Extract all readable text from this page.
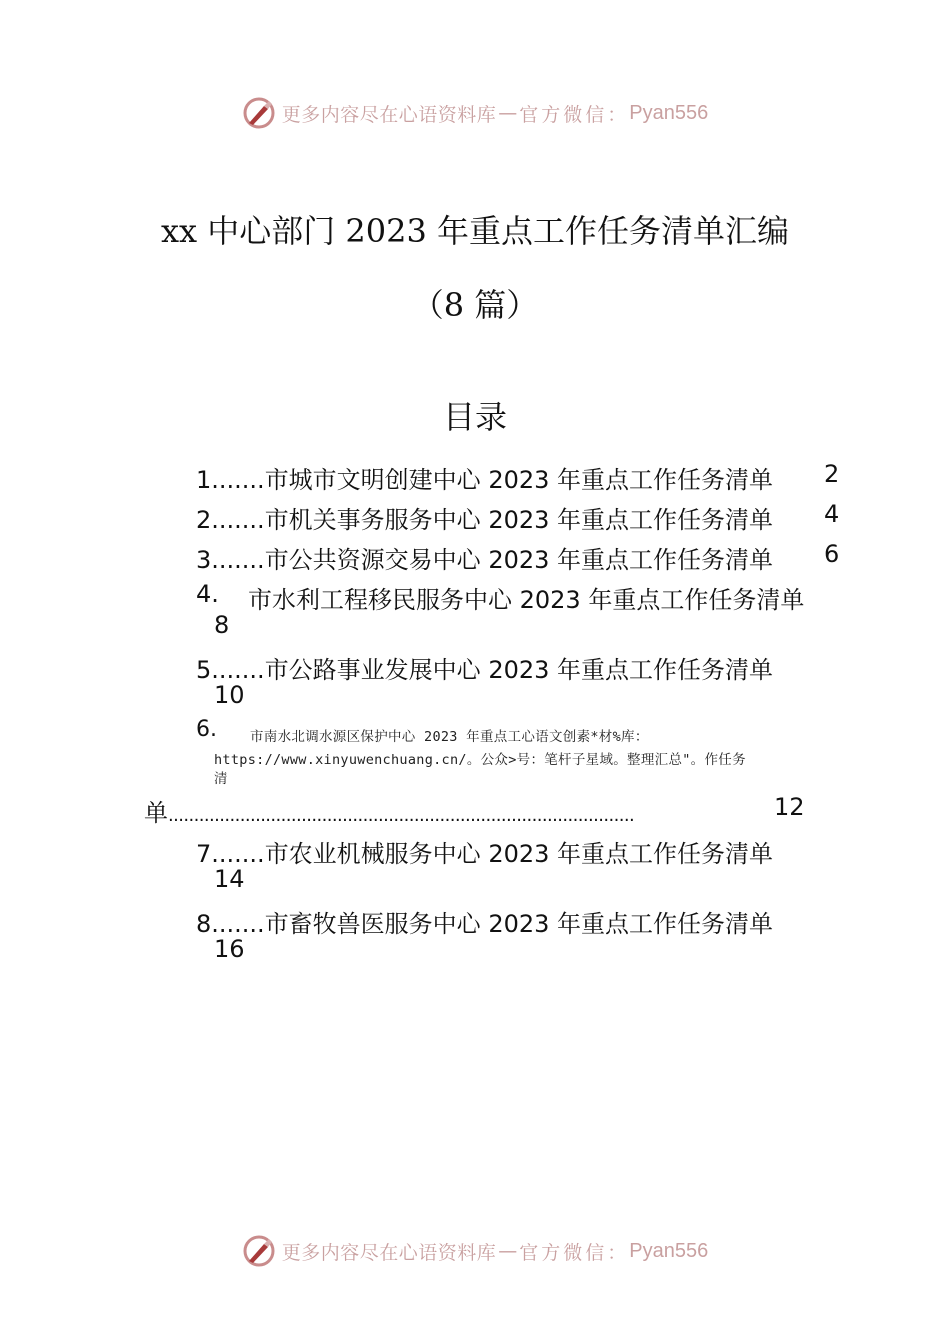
更多内容尽在心语资料库 — 官方微信： Pyan556
xx 中心部门 2023 年重点工作任务清单汇编
（8 篇）
目录
1.......市城市文明创建中心 2023 年重点工作任务清单 2
2.......市机关事务服务中心 2023 年重点工作任务清单 4
3.......市公共资源交易中心 2023 年重点工作任务清单 6
4. 市水利工程移民服务中心 2023 年重点工作任务清单
8
5.......市公路事业发展中心 2023 年重点工作任务清单
10
6. 市南水北调水源区保护中心 2023 年重点工心语文创素*材%库：
https://www.xinyuwenchuang.cn/。公众>号：笔杆子星域。整理汇总"。作任务
清
单...........................................................................................	12
7.......市农业机械服务中心 2023 年重点工作任务清单
14
8.......市畜牧兽医服务中心 2023 年重点工作任务清单
16
更多内容尽在心语资料库 — 官方微信： Pyan556
